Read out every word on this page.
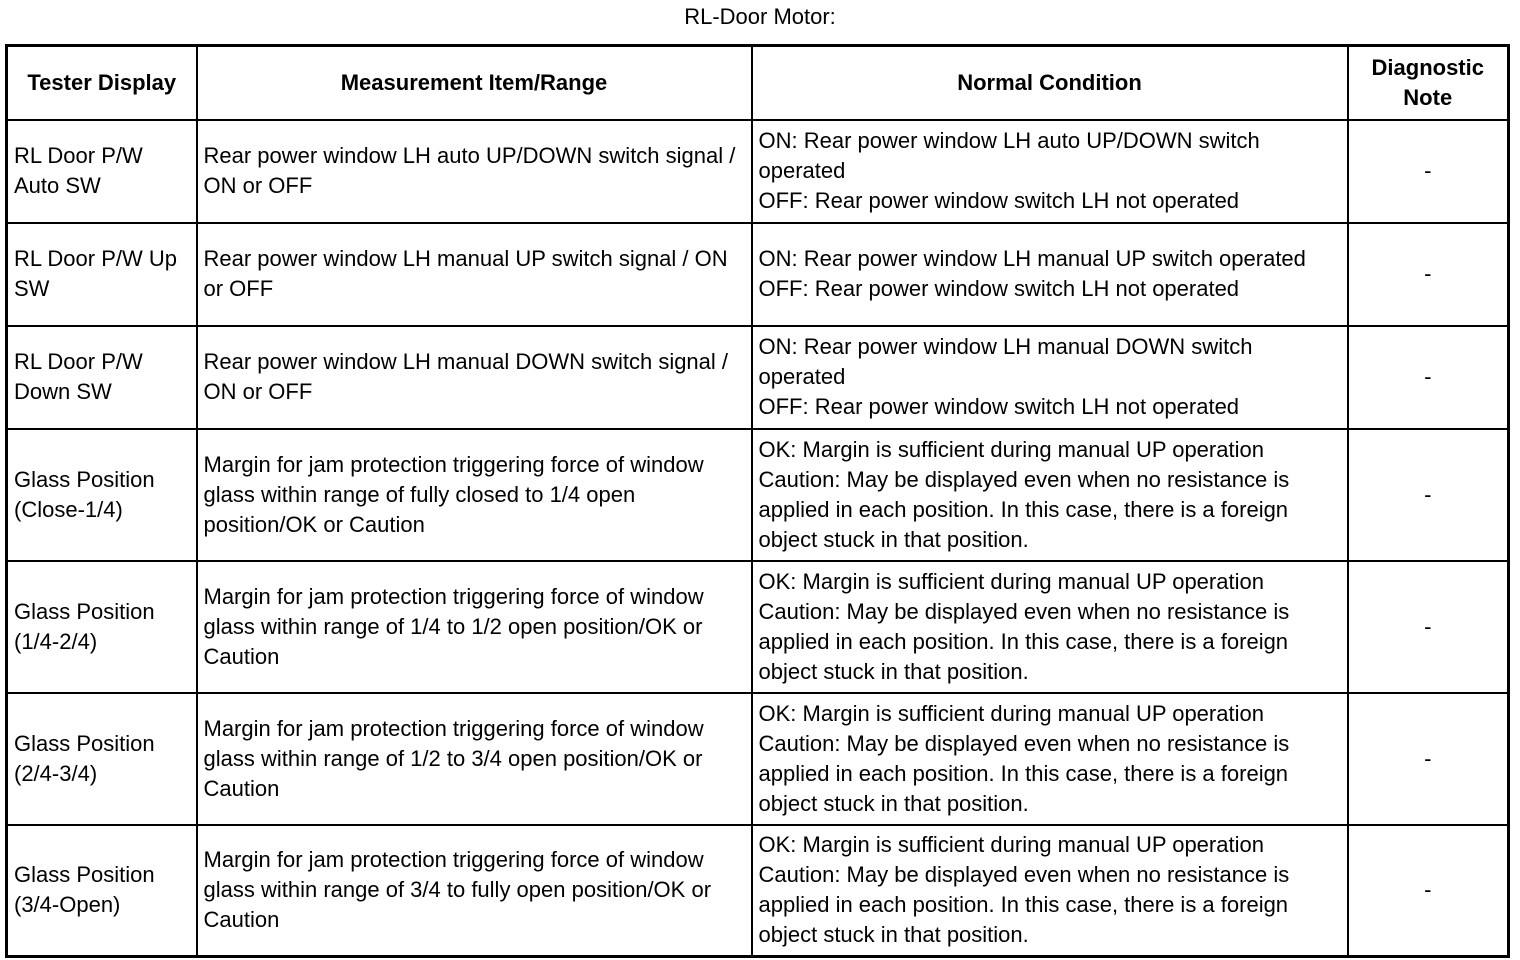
RL-Door Motor:
Tester Display	Measurement Item/Range	Normal Condition	Diagnostic Note
RL Door P/W Auto SW	Rear power window LH auto UP/DOWN switch signal / ON or OFF	ON: Rear power window LH auto UP/DOWN switch operated
OFF: Rear power window switch LH not operated	-
RL Door P/W Up SW	Rear power window LH manual UP switch signal / ON or OFF	ON: Rear power window LH manual UP switch operated
OFF: Rear power window switch LH not operated	-
RL Door P/W Down SW	Rear power window LH manual DOWN switch signal / ON or OFF	ON: Rear power window LH manual DOWN switch operated
OFF: Rear power window switch LH not operated	-
Glass Position (Close-1/4)	Margin for jam protection triggering force of window glass within range of fully closed to 1/4 open position/OK or Caution	OK: Margin is sufficient during manual UP operation
Caution: May be displayed even when no resistance is applied in each position. In this case, there is a foreign object stuck in that position.	-
Glass Position (1/4-2/4)	Margin for jam protection triggering force of window glass within range of 1/4 to 1/2 open position/OK or Caution	OK: Margin is sufficient during manual UP operation
Caution: May be displayed even when no resistance is applied in each position. In this case, there is a foreign object stuck in that position.	-
Glass Position (2/4-3/4)	Margin for jam protection triggering force of window glass within range of 1/2 to 3/4 open position/OK or Caution	OK: Margin is sufficient during manual UP operation
Caution: May be displayed even when no resistance is applied in each position. In this case, there is a foreign object stuck in that position.	-
Glass Position (3/4-Open)	Margin for jam protection triggering force of window glass within range of 3/4 to fully open position/OK or Caution	OK: Margin is sufficient during manual UP operation
Caution: May be displayed even when no resistance is applied in each position. In this case, there is a foreign object stuck in that position.	-
